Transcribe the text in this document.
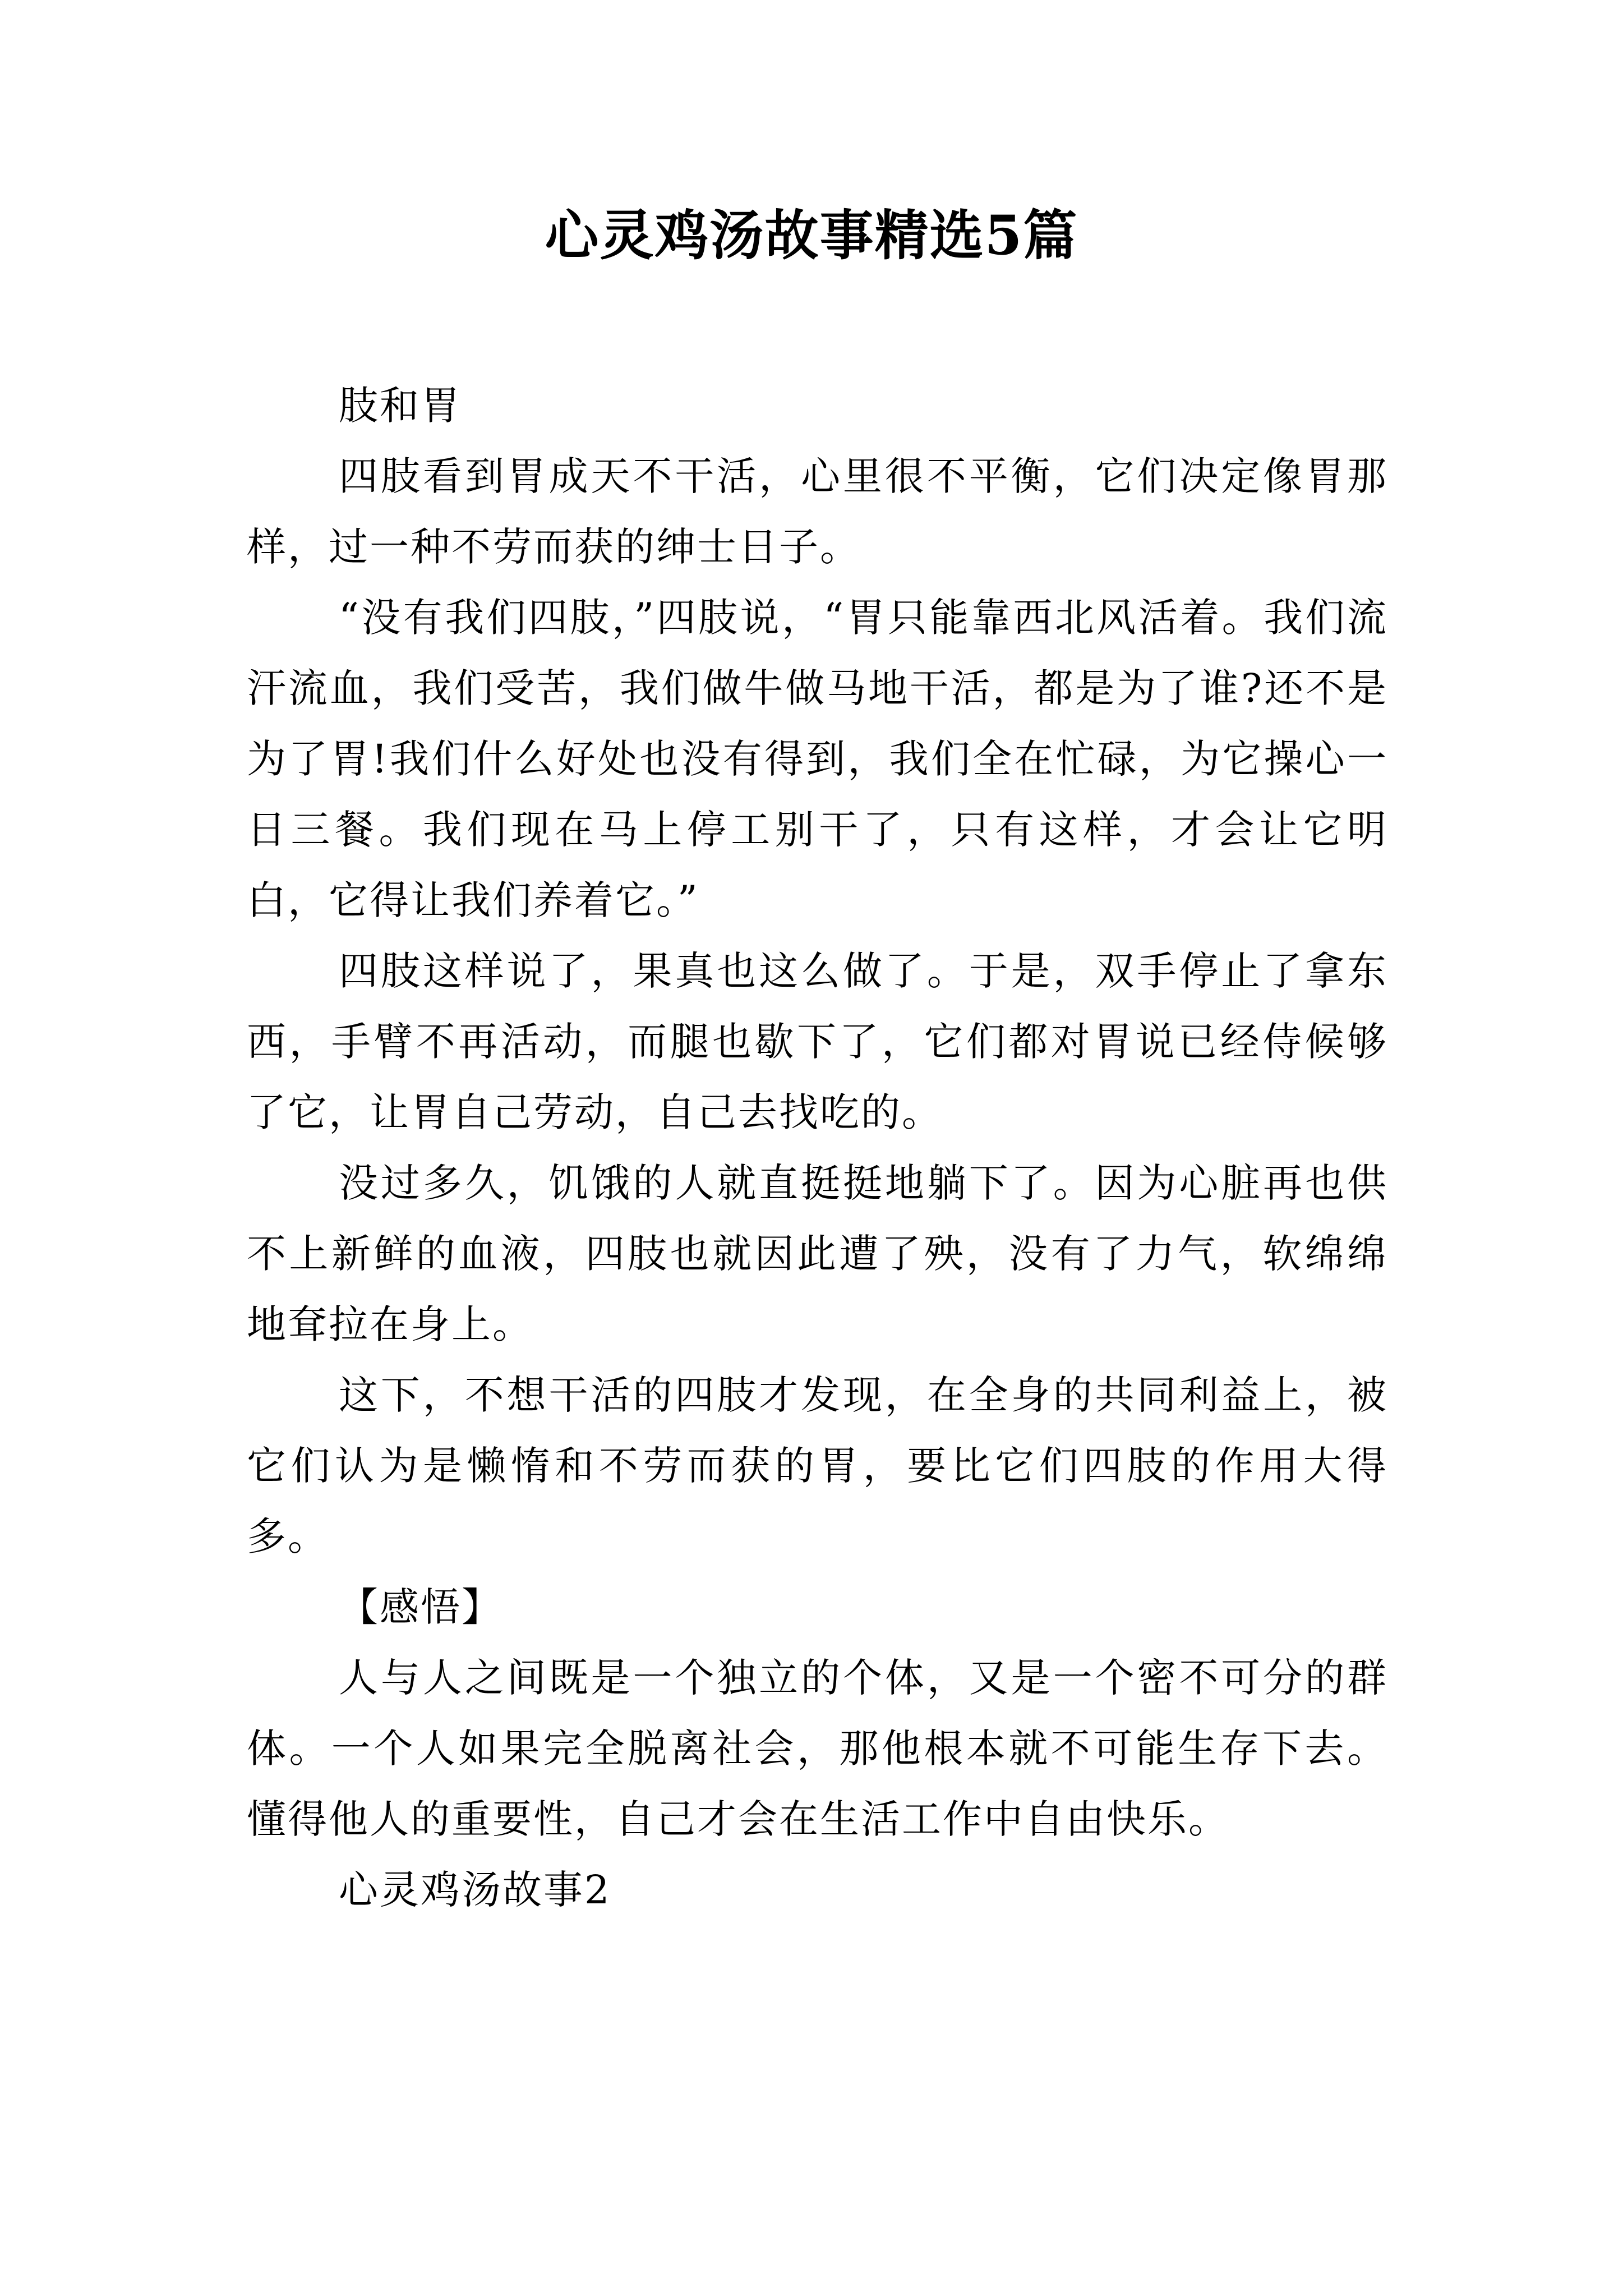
心灵鸡汤故事精选5篇

肢和胃

四肢看到胃成天不干活，心里很不平衡，它们决定像胃那样，过一种不劳而获的绅士日子。

“没有我们四肢，”四肢说，“胃只能靠西北风活着。我们流汗流血，我们受苦，我们做牛做马地干活，都是为了谁?还不是为了胃!我们什么好处也没有得到，我们全在忙碌，为它操心一日三餐。我们现在马上停工别干了，只有这样，才会让它明白，它得让我们养着它。”

四肢这样说了，果真也这么做了。于是，双手停止了拿东西，手臂不再活动，而腿也歇下了，它们都对胃说已经侍候够了它，让胃自己劳动，自己去找吃的。

没过多久，饥饿的人就直挺挺地躺下了。因为心脏再也供不上新鲜的血液，四肢也就因此遭了殃，没有了力气，软绵绵地耷拉在身上。

这下，不想干活的四肢才发现，在全身的共同利益上，被它们认为是懒惰和不劳而获的胃，要比它们四肢的作用大得多。

【感悟】

人与人之间既是一个独立的个体，又是一个密不可分的群体。一个人如果完全脱离社会，那他根本就不可能生存下去。懂得他人的重要性，自己才会在生活工作中自由快乐。

心灵鸡汤故事2
